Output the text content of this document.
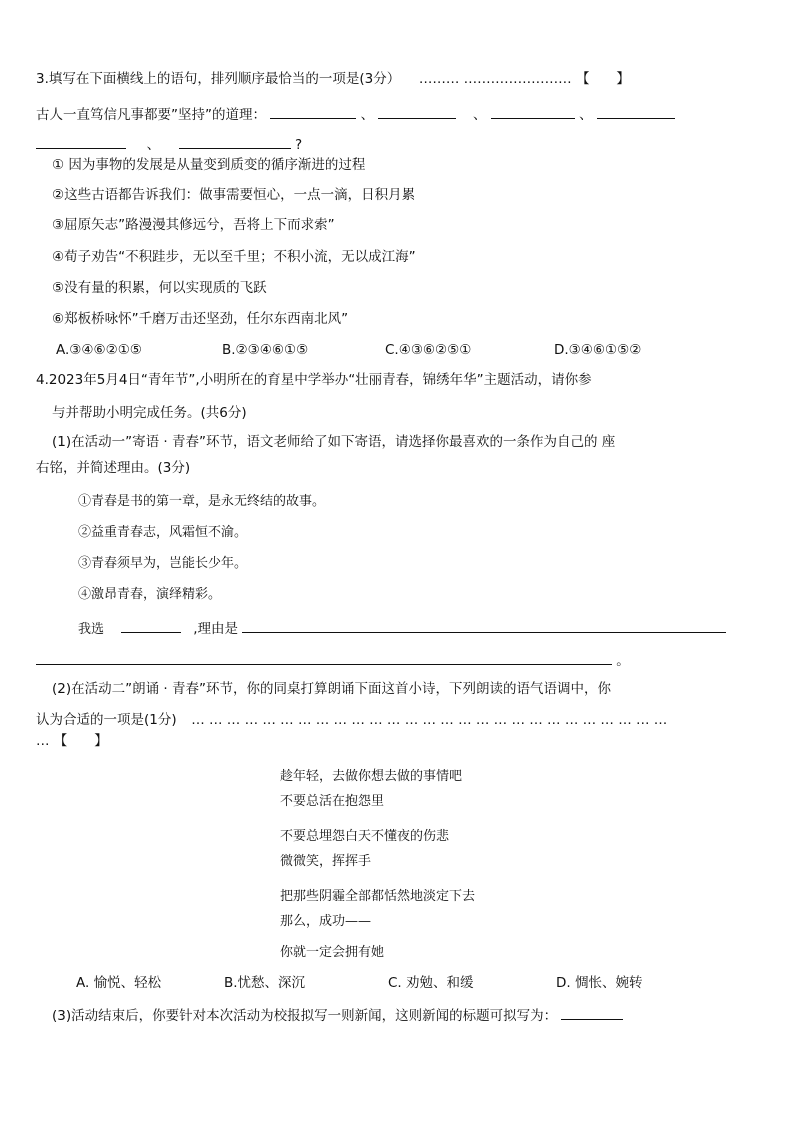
3.填写在下面横线上的语句，排列顺序最恰当的一项是(3分） ……… …………………… 【　　】
古人一直笃信凡事都要”坚持”的道理：	、	、	、
、	?
① 因为事物的发展是从量变到质变的循序渐进的过程
②这些古语都告诉我们：做事需要恒心，一点一滴，日积月累
③屈原矢志”路漫漫其修远兮，吾将上下而求索”
④荀子劝告“不积跬步，无以至千里；不积小流，无以成江海”
⑤没有量的积累，何以实现质的飞跃
⑥郑板桥咏怀”千磨万击还坚劲，任尔东西南北风”
A.③④⑥②①⑤	B.②③④⑥①⑤	C.④③⑥②⑤①	D.③④⑥①⑤②
4.2023年5月4日“青年节”,小明所在的育星中学举办“壮丽青春，锦绣年华”主题活动，请你参
与并帮助小明完成任务。(共6分)
(1)在活动一”寄语 · 青春”环节，语文老师给了如下寄语，请选择你最喜欢的一条作为自己的 座
右铭，并简述理由。(3分)
①青春是书的第一章，是永无终结的故事。
②益重青春志，风霜恒不渝。
③青春须早为，岂能长少年。
④激昂青春，演绎精彩。
我选	,理由是
。
(2)在活动二”朗诵 · 青春”环节，你的同桌打算朗诵下面这首小诗，下列朗读的语气语调中，你
认为合适的一项是(1分) … … … … … … … … … … … … … … … … … … … … … … … … … … …
… 【　　】
趁年轻，去做你想去做的事情吧
不要总活在抱怨里
不要总埋怨白天不懂夜的伤悲
微微笑，挥挥手
把那些阴霾全部都恬然地淡定下去
那么，成功——
你就一定会拥有她
A. 愉悦、轻松	B.忧愁、深沉	C. 劝勉、和缓	D. 惆怅、婉转
(3)活动结束后，你要针对本次活动为校报拟写一则新闻，这则新闻的标题可拟写为：
